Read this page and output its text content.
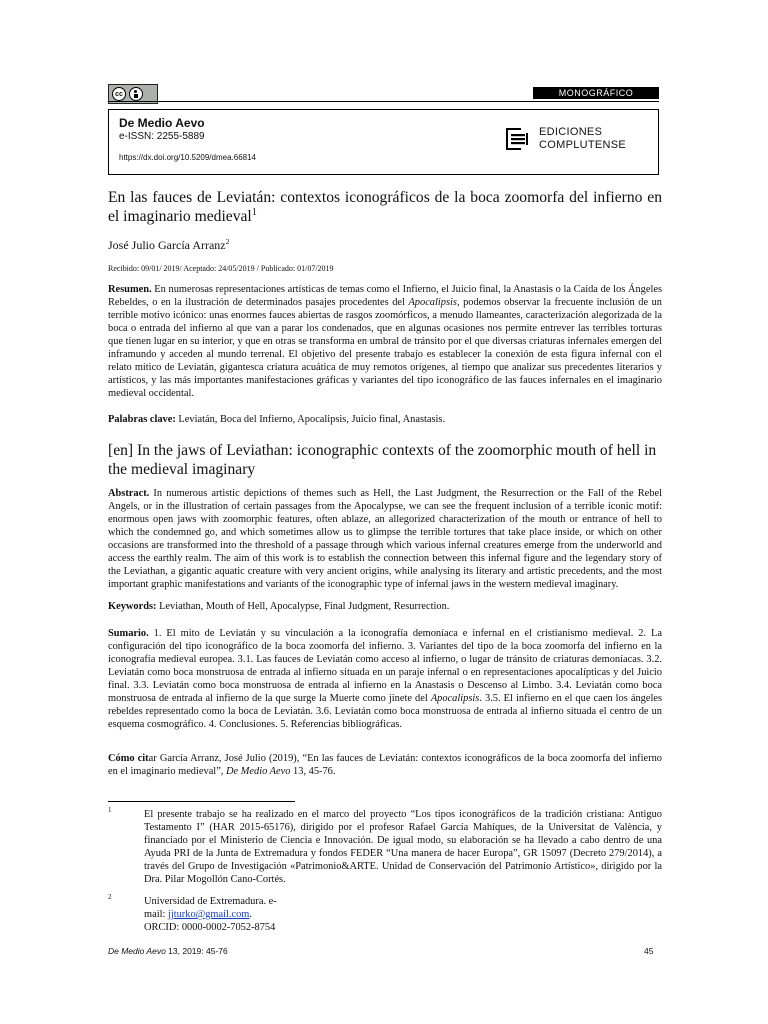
cc	MONOGRÁFICO
De Medio Aevo
e-ISSN: 2255-5889
https://dx.doi.org/10.5209/dmea.66814
EDICIONES
COMPLUTENSE
En las fauces de Leviatán: contextos iconográficos de la boca zoomorfa del infierno en el imaginario medieval$^1$
José Julio García Arranz$^2$
Recibido: 09/01/ 2019/ Aceptado: 24/05/2019 / Publicado: 01/07/2019
Resumen. En numerosas representaciones artísticas de temas como el Infierno, el Juicio final, la Anastasis o la Caída de los Ángeles Rebeldes, o en la ilustración de determinados pasajes procedentes del Apocalipsis, podemos observar la frecuente inclusión de un terrible motivo icónico: unas enormes fauces abiertas de rasgos zoomórficos, a menudo llameantes, caracterización alegorizada de la boca o entrada del infierno al que van a parar los condenados, que en algunas ocasiones nos permite entrever las terribles torturas que tienen lugar en su interior, y que en otras se transforma en umbral de tránsito por el que diversas criaturas infernales emergen del inframundo y acceden al mundo terrenal. El objetivo del presente trabajo es establecer la conexión de esta figura infernal con el relato mítico de Leviatán, gigantesca criatura acuática de muy remotos orígenes, al tiempo que analizar sus precedentes literarios y artísticos, y las más importantes manifestaciones gráficas y variantes del tipo iconográfico de las fauces infernales en el imaginario medieval occidental.
Palabras clave: Leviatán, Boca del Infierno, Apocalipsis, Juicio final, Anastasis.
[en] In the jaws of Leviathan: iconographic contexts of the zoomorphic mouth of hell in the medieval imaginary
Abstract. In numerous artistic depictions of themes such as Hell, the Last Judgment, the Resurrection or the Fall of the Rebel Angels, or in the illustration of certain passages from the Apocalypse, we can see the frequent inclusion of a terrible iconic motif: enormous open jaws with zoomorphic features, often ablaze, an allegorized characterization of the mouth or entrance of hell to which the condemned go, and which sometimes allow us to glimpse the terrible tortures that take place inside, or which on other occasions are transformed into the threshold of a passage through which various infernal creatures emerge from the underworld and access the earthly realm. The aim of this work is to establish the connection between this infernal figure and the legendary story of the Leviathan, a gigantic aquatic creature with very ancient origins, while analysing its literary and artistic precedents, and the most important graphic manifestations and variants of the iconographic type of infernal jaws in the western medieval imaginary.
Keywords: Leviathan, Mouth of Hell, Apocalypse, Final Judgment, Resurrection.
Sumario. 1. El mito de Leviatán y su vinculación a la iconografía demoníaca e infernal en el cristianismo medieval. 2. La configuración del tipo iconográfico de la boca zoomorfa del infierno. 3. Variantes del tipo de la boca zoomorfa del infierno en la iconografía medieval europea. 3.1. Las fauces de Leviatán como acceso al infierno, o lugar de tránsito de criaturas demoníacas. 3.2. Leviatán como boca monstruosa de entrada al infierno situada en un paraje infernal o en representaciones apocalípticas y del Juicio final. 3.3. Leviatán como boca monstruosa de entrada al infierno en la Anastasis o Descenso al Limbo. 3.4. Leviatán como boca monstruosa de entrada al infierno de la que surge la Muerte como jinete del Apocalipsis. 3.5. El infierno en el que caen los ángeles rebeldes representado como la boca de Leviatán. 3.6. Leviatán como boca monstruosa de entrada al infierno situada el centro de un esquema cosmográfico. 4. Conclusiones. 5. Referencias bibliográficas.
Cómo citar García Arranz, José Julio (2019), “En las fauces de Leviatán: contextos iconográficos de la boca zoomorfa del infierno en el imaginario medieval”, De Medio Aevo 13, 45-76.
1	El presente trabajo se ha realizado en el marco del proyecto “Los tipos iconográficos de la tradición cristiana: Antiguo Testamento I” (HAR 2015-65176), dirigido por el profesor Rafael García Mahíques, de la Universitat de València, y financiado por el Ministerio de Ciencia e Innovación. De igual modo, su elaboración se ha llevado a cabo dentro de una Ayuda PRI de la Junta de Extremadura y fondos FEDER “Una manera de hacer Europa”, GR 15097 (Decreto 279/2014), a través del Grupo de Investigación «Patrimonio&ARTE. Unidad de Conservación del Patrimonio Artístico», dirigido por la Dra. Pilar Mogollón Cano-Cortés.
2	Universidad de Extremadura. e-
mail: jjturko@gmail.com.
ORCID: 0000-0002-7052-8754
De Medio Aevo 13, 2019: 45-76	45
